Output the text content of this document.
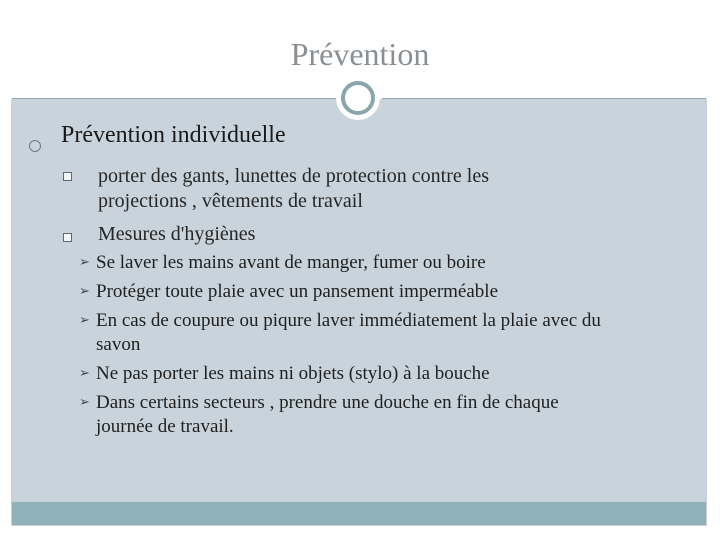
Prévention
Prévention individuelle
porter des gants, lunettes de protection contre les
projections , vêtements de travail
Mesures d'hygiènes
➢ Se laver les mains avant de manger, fumer ou boire
➢ Protéger toute plaie avec un pansement imperméable
➢ En cas de coupure ou piqure laver immédiatement la plaie avec du
savon
➢ Ne pas porter les mains ni objets (stylo) à la bouche
➢ Dans certains secteurs , prendre une douche en fin de chaque
journée de travail.
